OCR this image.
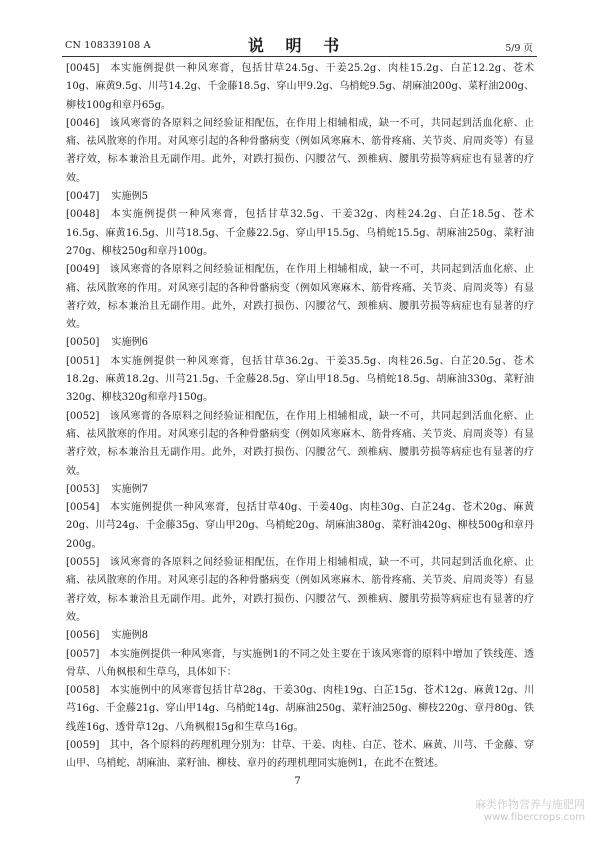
CN 108339108 A	说 明 书	5/9 页

[0045] 本实施例提供一种风寒膏，包括甘草24.5g、干姜25.2g、肉桂15.2g、白芷12.2g、苍术10g、麻黄9.5g、川芎14.2g、千金藤18.5g、穿山甲9.2g、乌梢蛇9.5g、胡麻油200g、菜籽油200g、柳枝100g和章丹65g。

[0046] 该风寒膏的各原料之间经验证相配伍，在作用上相辅相成，缺一不可，共同起到活血化瘀、止痛、祛风散寒的作用。对风寒引起的各种骨骼病变（例如风寒麻木、筋骨疼痛、关节炎、肩周炎等）有显著疗效，标本兼治且无副作用。此外，对跌打损伤、闪腰岔气、颈椎病、腰肌劳损等病症也有显著的疗效。

[0047] 实施例5

[0048] 本实施例提供一种风寒膏，包括甘草32.5g、干姜32g、肉桂24.2g、白芷18.5g、苍术16.5g、麻黄16.5g、川芎18.5g、千金藤22.5g、穿山甲15.5g、乌梢蛇15.5g、胡麻油250g、菜籽油270g、柳枝250g和章丹100g。

[0049] 该风寒膏的各原料之间经验证相配伍，在作用上相辅相成，缺一不可，共同起到活血化瘀、止痛、祛风散寒的作用。对风寒引起的各种骨骼病变（例如风寒麻木、筋骨疼痛、关节炎、肩周炎等）有显著疗效，标本兼治且无副作用。此外，对跌打损伤、闪腰岔气、颈椎病、腰肌劳损等病症也有显著的疗效。

[0050] 实施例6

[0051] 本实施例提供一种风寒膏，包括甘草36.2g、干姜35.5g、肉桂26.5g、白芷20.5g、苍术18.2g、麻黄18.2g、川芎21.5g、千金藤28.5g、穿山甲18.5g、乌梢蛇18.5g、胡麻油330g、菜籽油320g、柳枝320g和章丹150g。

[0052] 该风寒膏的各原料之间经验证相配伍，在作用上相辅相成，缺一不可，共同起到活血化瘀、止痛、祛风散寒的作用。对风寒引起的各种骨骼病变（例如风寒麻木、筋骨疼痛、关节炎、肩周炎等）有显著疗效，标本兼治且无副作用。此外，对跌打损伤、闪腰岔气、颈椎病、腰肌劳损等病症也有显著的疗效。

[0053] 实施例7

[0054] 本实施例提供一种风寒膏，包括甘草40g、干姜40g、肉桂30g、白芷24g、苍术20g、麻黄20g、川芎24g、千金藤35g、穿山甲20g、乌梢蛇20g、胡麻油380g、菜籽油420g、柳枝500g和章丹200g。

[0055] 该风寒膏的各原料之间经验证相配伍，在作用上相辅相成，缺一不可，共同起到活血化瘀、止痛、祛风散寒的作用。对风寒引起的各种骨骼病变（例如风寒麻木、筋骨疼痛、关节炎、肩周炎等）有显著疗效，标本兼治且无副作用。此外，对跌打损伤、闪腰岔气、颈椎病、腰肌劳损等病症也有显著的疗效。

[0056] 实施例8

[0057] 本实施例提供一种风寒膏，与实施例1的不同之处主要在于该风寒膏的原料中增加了铁线莲、透骨草、八角枫根和生草乌，具体如下：

[0058] 本实施例中的风寒膏包括甘草28g、干姜30g、肉桂19g、白芷15g、苍术12g、麻黄12g、川芎16g、千金藤21g、穿山甲14g、乌梢蛇14g、胡麻油250g、菜籽油250g、柳枝220g、章丹80g、铁线莲16g、透骨草12g、八角枫根15g和生草乌16g。

[0059] 其中，各个原料的药理机理分别为：甘草、干姜、肉桂、白芷、苍术、麻黄、川芎、千金藤、穿山甲、乌梢蛇、胡麻油、菜籽油、柳枝、章丹的药理机理同实施例1，在此不在赘述。

7
麻类作物营养与施肥网
www.fibercrops.com
